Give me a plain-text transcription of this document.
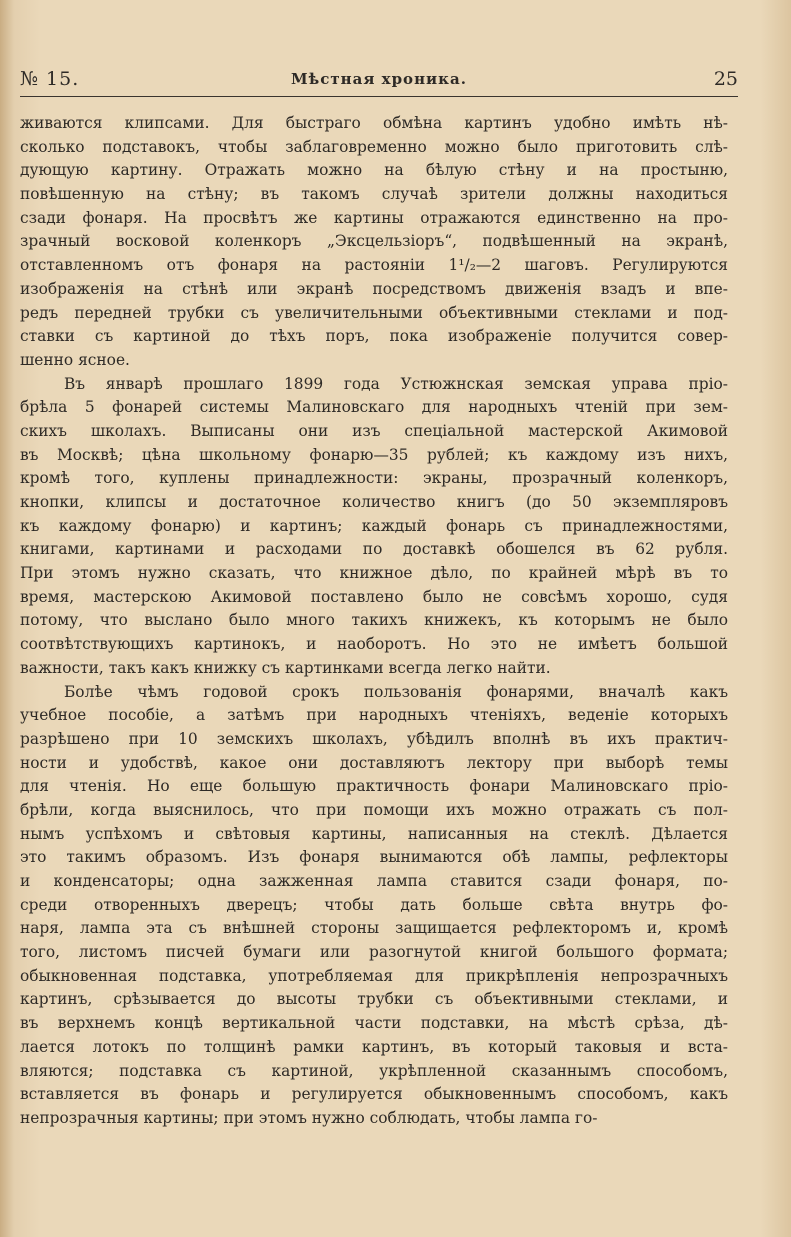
№ 15.	Мѣстная хроника.	25
живаются клипсами. Для быстраго обмѣна картинъ удобно имѣть нѣ-
сколько подставокъ, чтобы заблаговременно можно было приготовить слѣ-
дующую картину. Отражать можно на бѣлую стѣну и на простыню,
повѣшенную на стѣну; въ такомъ случаѣ зрители должны находиться
сзади фонаря. На просвѣтъ же картины отражаются единственно на про-
зрачный восковой коленкоръ „Эксцельзіоръ“, подвѣшенный на экранѣ,
отставленномъ отъ фонаря на растояніи 1¹/₂—2 шаговъ. Регулируются
изображенія на стѣнѣ или экранѣ посредствомъ движенія взадъ и впе-
редъ передней трубки съ увеличительными объективными стеклами и под-
ставки съ картиной до тѣхъ поръ, пока изображеніе получится совер-
шенно ясное.
Въ январѣ прошлаго 1899 года Устюжнская земская управа пріо-
брѣла 5 фонарей системы Малиновскаго для народныхъ чтеній при зем-
скихъ школахъ. Выписаны они изъ спеціальной мастерской Акимовой
въ Москвѣ; цѣна школьному фонарю—35 рублей; къ каждому изъ нихъ,
кромѣ того, куплены принадлежности: экраны, прозрачный коленкоръ,
кнопки, клипсы и достаточное количество книгъ (до 50 экземпляровъ
къ каждому фонарю) и картинъ; каждый фонарь съ принадлежностями,
книгами, картинами и расходами по доставкѣ обошелся въ 62 рубля.
При этомъ нужно сказать, что книжное дѣло, по крайней мѣрѣ въ то
время, мастерскою Акимовой поставлено было не совсѣмъ хорошо, судя
потому, что выслано было много такихъ книжекъ, къ которымъ не было
соотвѣтствующихъ картинокъ, и наоборотъ. Но это не имѣетъ большой
важности, такъ какъ книжку съ картинками всегда легко найти.
Болѣе чѣмъ годовой срокъ пользованія фонарями, вначалѣ какъ
учебное пособіе, а затѣмъ при народныхъ чтеніяхъ, веденіе которыхъ
разрѣшено при 10 земскихъ школахъ, убѣдилъ вполнѣ въ ихъ практич-
ности и удобствѣ, какое они доставляютъ лектору при выборѣ темы
для чтенія. Но еще большую практичность фонари Малиновскаго пріо-
брѣли, когда выяснилось, что при помощи ихъ можно отражать съ пол-
нымъ успѣхомъ и свѣтовыя картины, написанныя на стеклѣ. Дѣлается
это такимъ образомъ. Изъ фонаря вынимаются обѣ лампы, рефлекторы
и конденсаторы; одна зажженная лампа ставится сзади фонаря, по-
среди отворенныхъ дверецъ; чтобы дать больше свѣта внутрь фо-
наря, лампа эта съ внѣшней стороны защищается рефлекторомъ и, кромѣ
того, листомъ писчей бумаги или разогнутой книгой большого формата;
обыкновенная подставка, употребляемая для прикрѣпленія непрозрачныхъ
картинъ, срѣзывается до высоты трубки съ объективными стеклами, и
въ верхнемъ концѣ вертикальной части подставки, на мѣстѣ срѣза, дѣ-
лается лотокъ по толщинѣ рамки картинъ, въ который таковыя и вста-
вляются; подставка съ картиной, укрѣпленной сказаннымъ способомъ,
вставляется въ фонарь и регулируется обыкновеннымъ способомъ, какъ
непрозрачныя картины; при этомъ нужно соблюдать, чтобы лампа го-
